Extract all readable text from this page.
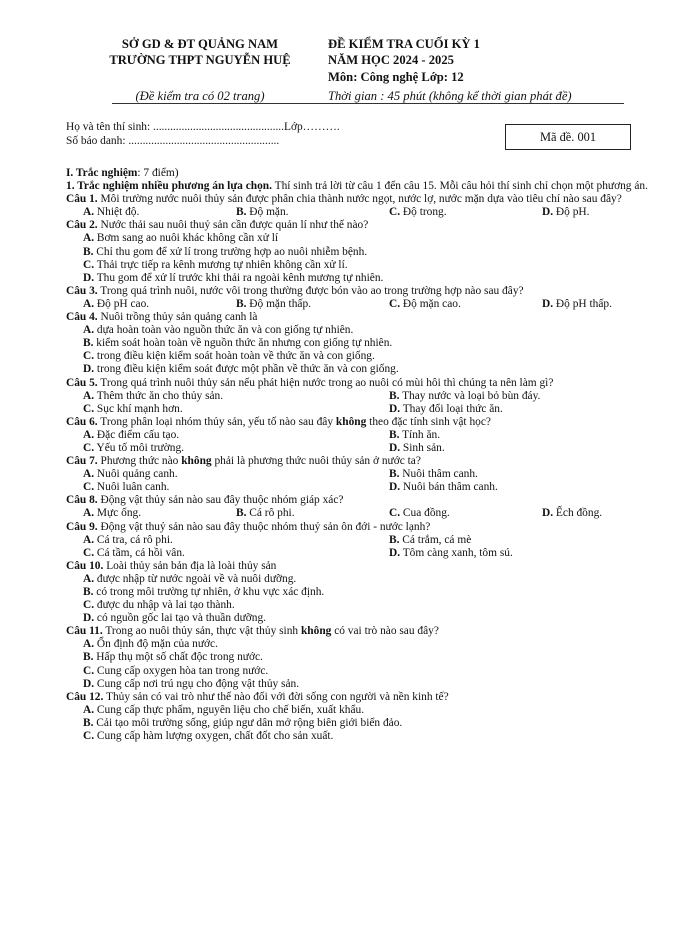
SỞ GD & ĐT QUẢNG NAM
TRƯỜNG THPT NGUYỄN HUỆ
(Đề kiểm tra có 02 trang)
ĐỀ KIỂM TRA CUỐI KỲ 1
NĂM HỌC 2024 - 2025
Môn: Công nghệ Lớp: 12
Thời gian : 45 phút (không kể thời gian phát đề)
Họ và tên thí sinh: ..............................................Lớp……….
Số báo danh: .....................................................	Mã đề. 001
I. Trắc nghiệm: 7 điểm)
1. Trắc nghiệm nhiều phương án lựa chọn. Thí sinh trả lời từ câu 1 đến câu 15. Mỗi câu hỏi thí sinh chỉ chọn một phương án.
Câu 1. Môi trường nước nuôi thủy sản được phân chia thành nước ngọt, nước lợ, nước mặn dựa vào tiêu chí nào sau đây?
A. Nhiệt độ.	B. Độ mặn.	C. Độ trong.	D. Độ pH.
Câu 2. Nước thải sau nuôi thuỷ sản cần được quản lí như thế nào?
A. Bơm sang ao nuôi khác không cần xử lí
B. Chỉ thu gom để xử lí trong trường hợp ao nuôi nhiễm bệnh.
C. Thải trực tiếp ra kênh mương tự nhiên không cần xử lí.
D. Thu gom để xử lí trước khi thải ra ngoài kênh mương tự nhiên.
Câu 3. Trong quá trình nuôi, nước vôi trong thường được bón vào ao trong trường hợp nào sau đây?
A. Độ pH cao.	B. Độ mặn thấp.	C. Độ mặn cao.	D. Độ pH thấp.
Câu 4. Nuôi trồng thủy sản quảng canh là
A. dựa hoàn toàn vào nguồn thức ăn và con giống tự nhiên.
B. kiểm soát hoàn toàn về nguồn thức ăn nhưng con giống tự nhiên.
C. trong điều kiện kiểm soát hoàn toàn về thức ăn và con giống.
D. trong điều kiện kiểm soát được một phần về thức ăn và con giống.
Câu 5. Trong quá trình nuôi thủy sản nếu phát hiện nước trong ao nuôi có mùi hôi thì chúng ta nên làm gì?
A. Thêm thức ăn cho thủy sản.	B. Thay nước và loại bỏ bùn đáy.
C. Sục khí mạnh hơn.	D. Thay đổi loại thức ăn.
Câu 6. Trong phân loại nhóm thủy sản, yếu tố nào sau đây không theo đặc tính sinh vật học?
A. Đặc điểm cấu tạo.	B. Tính ăn.
C. Yếu tố môi trường.	D. Sinh sản.
Câu 7. Phương thức nào không phải là phương thức nuôi thủy sản ở nước ta?
A. Nuôi quảng canh.	B. Nuôi thâm canh.
C. Nuôi luân canh.	D. Nuôi bán thâm canh.
Câu 8. Động vật thủy sản nào sau đây thuộc nhóm giáp xác?
A. Mực ống.	B. Cá rô phi.	C. Cua đồng.	D. Ếch đồng.
Câu 9. Động vật thuỷ sản nào sau đây thuộc nhóm thuỷ sản ôn đới - nước lạnh?
A. Cá tra, cá rô phi.	B. Cá trắm, cá mè
C. Cá tầm, cá hồi vân.	D. Tôm càng xanh, tôm sú.
Câu 10. Loài thủy sản bản địa là loài thủy sản
A. được nhập từ nước ngoài về và nuôi dưỡng.
B. có trong môi trường tự nhiên, ở khu vực xác định.
C. được du nhập và lai tạo thành.
D. có nguồn gốc lai tạo và thuần dưỡng.
Câu 11. Trong ao nuôi thủy sản, thực vật thủy sinh không có vai trò nào sau đây?
A. Ổn định độ mặn của nước.
B. Hấp thụ một số chất độc trong nước.
C. Cung cấp oxygen hòa tan trong nước.
D. Cung cấp nơi trú ngụ cho động vật thủy sản.
Câu 12. Thủy sản có vai trò như thế nào đối với đời sống con người và nền kinh tế?
A. Cung cấp thực phẩm, nguyên liệu cho chế biến, xuất khẩu.
B. Cải tạo môi trường sống, giúp ngư dân mở rộng biên giới biển đảo.
C. Cung cấp hàm lượng oxygen, chất đốt cho sản xuất.
